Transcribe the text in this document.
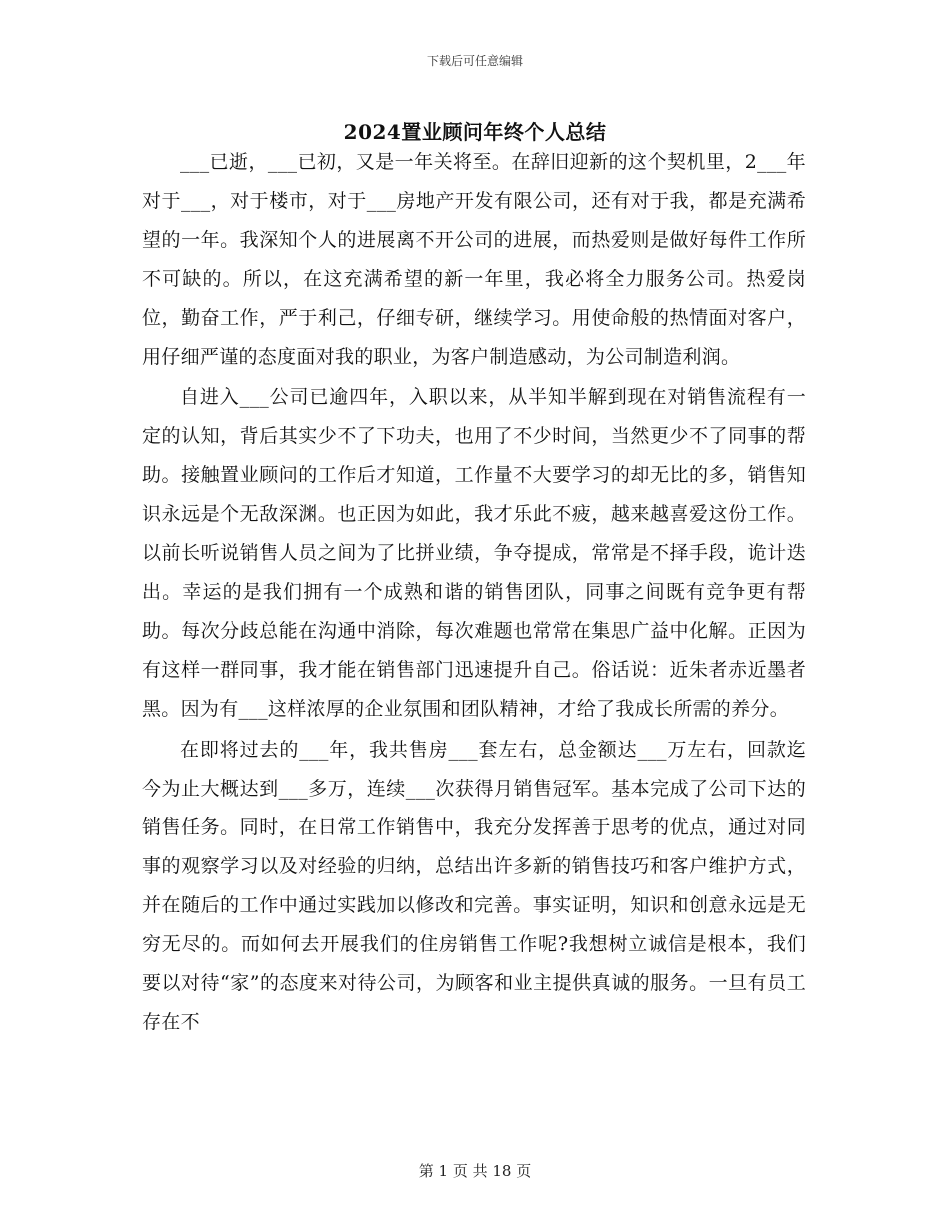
下载后可任意编辑
2024置业顾问年终个人总结

___已逝，___已初，又是一年关将至。在辞旧迎新的这个契机里，2___年对于___，对于楼市，对于___房地产开发有限公司，还有对于我，都是充满希望的一年。我深知个人的进展离不开公司的进展，而热爱则是做好每件工作所不可缺的。所以，在这充满希望的新一年里，我必将全力服务公司。热爱岗位，勤奋工作，严于利己，仔细专研，继续学习。用使命般的热情面对客户，用仔细严谨的态度面对我的职业，为客户制造感动，为公司制造利润。

自进入___公司已逾四年，入职以来，从半知半解到现在对销售流程有一定的认知，背后其实少不了下功夫，也用了不少时间，当然更少不了同事的帮助。接触置业顾问的工作后才知道，工作量不大要学习的却无比的多，销售知识永远是个无敌深渊。也正因为如此，我才乐此不疲，越来越喜爱这份工作。以前长听说销售人员之间为了比拼业绩，争夺提成，常常是不择手段，诡计迭出。幸运的是我们拥有一个成熟和谐的销售团队，同事之间既有竞争更有帮助。每次分歧总能在沟通中消除，每次难题也常常在集思广益中化解。正因为有这样一群同事，我才能在销售部门迅速提升自己。俗话说：近朱者赤近墨者黑。因为有___这样浓厚的企业氛围和团队精神，才给了我成长所需的养分。

在即将过去的___年，我共售房___套左右，总金额达___万左右，回款迄今为止大概达到___多万，连续___次获得月销售冠军。基本完成了公司下达的销售任务。同时，在日常工作销售中，我充分发挥善于思考的优点，通过对同事的观察学习以及对经验的归纳，总结出许多新的销售技巧和客户维护方式，并在随后的工作中通过实践加以修改和完善。事实证明，知识和创意永远是无穷无尽的。而如何去开展我们的住房销售工作呢?我想树立诚信是根本，我们要以对待“家”的态度来对待公司，为顾客和业主提供真诚的服务。一旦有员工存在不

第 1 页 共 18 页
